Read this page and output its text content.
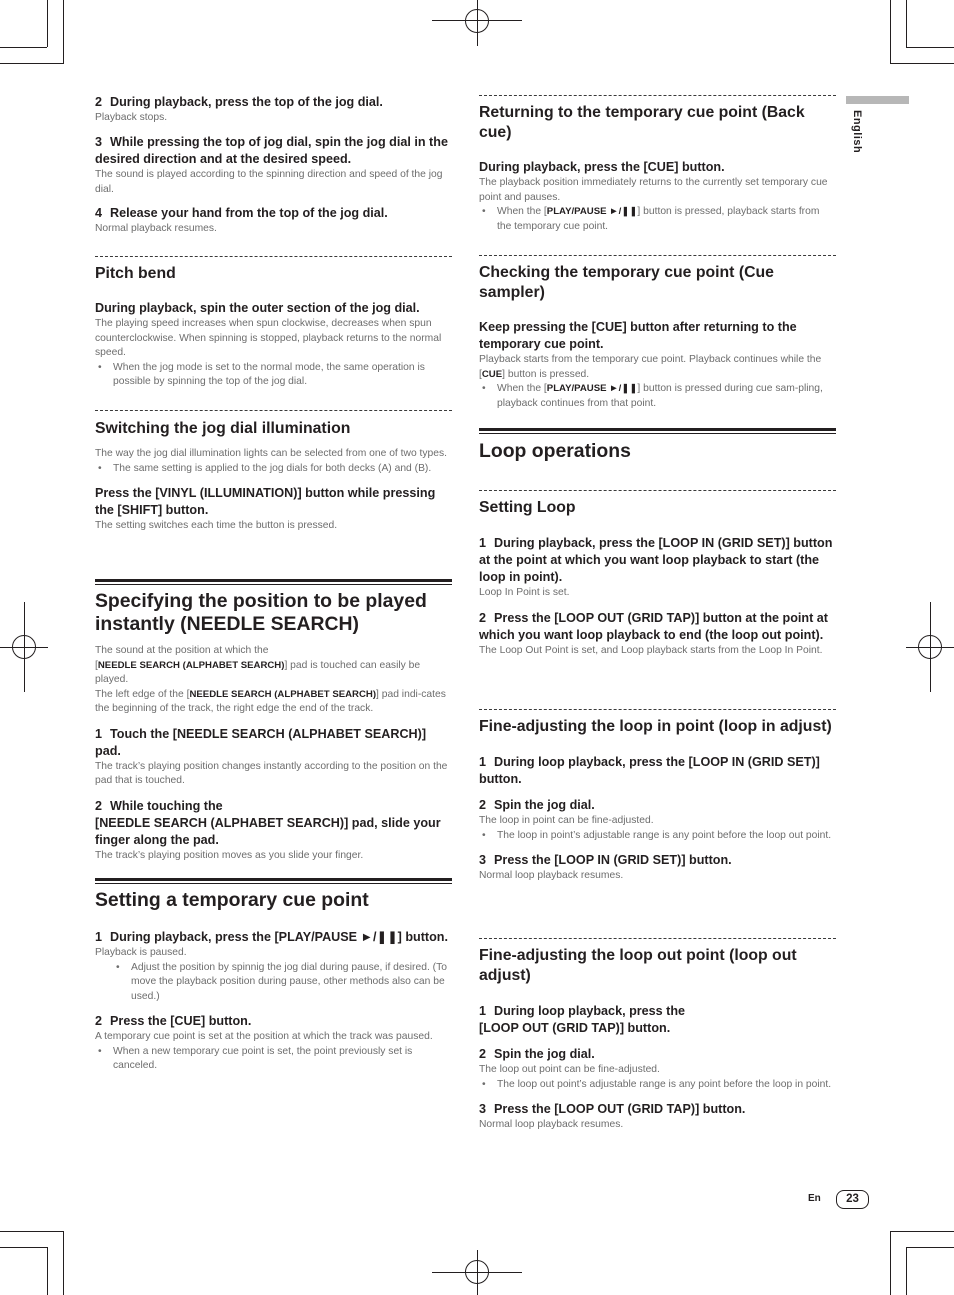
English

2 During playback, press the top of the jog dial.

Playback stops.

3 While pressing the top of jog dial, spin the jog dial in the desired direction and at the desired speed.

The sound is played according to the spinning direction and speed of the jog dial.

4 Release your hand from the top of the jog dial.

Normal playback resumes.

Pitch bend

During playback, spin the outer section of the jog dial.

The playing speed increases when spun clockwise, decreases when spun counterclockwise. When spinning is stopped, playback returns to the normal speed.

• When the jog mode is set to the normal mode, the same operation is possible by spinning the top of the jog dial.

Switching the jog dial illumination

The way the jog dial illumination lights can be selected from one of two types.

• The same setting is applied to the jog dials for both decks (A) and (B).

Press the [VINYL (ILLUMINATION)] button while pressing the [SHIFT] button.

The setting switches each time the button is pressed.

Specifying the position to be played instantly (NEEDLE SEARCH)

The sound at the position at which the
[NEEDLE SEARCH (ALPHABET SEARCH)] pad is touched can easily be played.

The left edge of the [NEEDLE SEARCH (ALPHABET SEARCH)] pad indi-cates the beginning of the track, the right edge the end of the track.

1 Touch the [NEEDLE SEARCH (ALPHABET SEARCH)] pad.

The track’s playing position changes instantly according to the position on the pad that is touched.

2 While touching the
[NEEDLE SEARCH (ALPHABET SEARCH)] pad, slide your finger along the pad.

The track’s playing position moves as you slide your finger.

Setting a temporary cue point

1 During playback, press the [PLAY/PAUSE ►/❚❚] button.

Playback is paused.

• Adjust the position by spinnig the jog dial during pause, if desired. (To move the playback position during pause, other methods also can be used.)

2 Press the [CUE] button.

A temporary cue point is set at the position at which the track was paused.

• When a new temporary cue point is set, the point previously set is canceled.

Returning to the temporary cue point (Back cue)

During playback, press the [CUE] button.

The playback position immediately returns to the currently set temporary cue point and pauses.

• When the [PLAY/PAUSE ►/❚❚] button is pressed, playback starts from the temporary cue point.

Checking the temporary cue point (Cue sampler)

Keep pressing the [CUE] button after returning to the temporary cue point.

Playback starts from the temporary cue point. Playback continues while the [CUE] button is pressed.

• When the [PLAY/PAUSE ►/❚❚] button is pressed during cue sam-pling, playback continues from that point.

Loop operations

Setting Loop

1 During playback, press the [LOOP IN (GRID SET)] button at the point at which you want loop playback to start (the loop in point).

Loop In Point is set.

2 Press the [LOOP OUT (GRID TAP)] button at the point at which you want loop playback to end (the loop out point).

The Loop Out Point is set, and Loop playback starts from the Loop In Point.

Fine-adjusting the loop in point (loop in adjust)

1 During loop playback, press the [LOOP IN (GRID SET)] button.

2 Spin the jog dial.

The loop in point can be fine-adjusted.

• The loop in point’s adjustable range is any point before the loop out point.

3 Press the [LOOP IN (GRID SET)] button.

Normal loop playback resumes.

Fine-adjusting the loop out point (loop out adjust)

1 During loop playback, press the
[LOOP OUT (GRID TAP)] button.

2 Spin the jog dial.

The loop out point can be fine-adjusted.

• The loop out point’s adjustable range is any point before the loop in point.

3 Press the [LOOP OUT (GRID TAP)] button.

Normal loop playback resumes.

En	23
